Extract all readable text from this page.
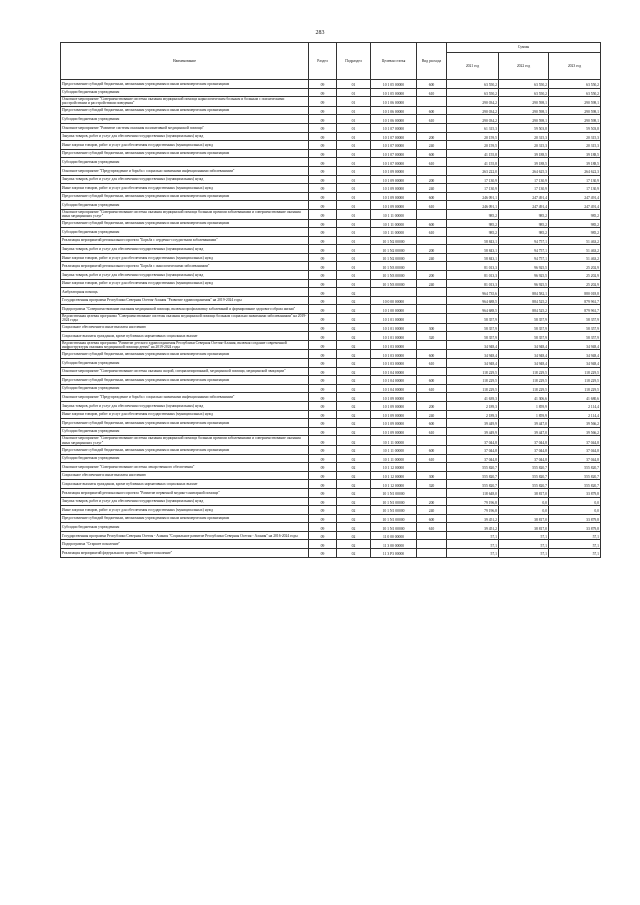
283
Наименование	Раздел	Подраздел	Целевая статья	Вид расхода	Суммы		
					2021 год	2022 год	2023 год
Предоставление субсидий бюджетным, автономным учреждениям и иным некоммерческим организациям	09	01	10 1 05 00000	600	63 550,2	63 550,2	63 550,2
Субсидии бюджетным учреждениям	09	01	10 1 05 00000	610	63 550,2	63 550,2	63 550,2
Основное мероприятие "Совершенствование системы оказания медицинской помощи наркологическим больным и больным с психическими расстройствами и расстройствами поведения"	09	01	10 1 06 00000		290 034,2	290 598,1	290 598,1
Предоставление субсидий бюджетным, автономным учреждениям и иным некоммерческим организациям	09	01	10 1 06 00000	600	290 034,2	290 598,1	290 598,1
Субсидии бюджетным учреждениям	09	01	10 1 06 00000	610	290 034,2	290 598,1	290 598,1
Основное мероприятие "Развитие системы оказания паллиативной медицинской помощи"	09	01	10 1 07 00000		61 315,3	59 503,8	59 503,8
Закупка товаров, работ и услуг для обеспечения государственных (муниципальных) нужд	09	01	10 1 07 00000	200	20 159,5	20 315,3	20 315,3
Иные закупки товаров, работ и услуг для обеспечения государственных (муниципальных) нужд	09	01	10 1 07 00000	240	20 159,5	20 315,3	20 315,3
Предоставление субсидий бюджетным, автономным учреждениям и иным некоммерческим организациям	09	01	10 1 07 00000	600	41 155,8	39 188,5	39 188,5
Субсидии бюджетным учреждениям	09	01	10 1 07 00000	610	41 155,8	39 188,5	39 188,5
Основное мероприятие "Предупреждение и борьба с социально значимыми инфекционными заболеваниями"	09	01	10 1 09 00000		263 222,0	264 625,3	264 622,3
Закупка товаров, работ и услуг для обеспечения государственных (муниципальных) нужд	09	01	10 1 09 00000	200	17 130,9	17 130,9	17 130,9
Иные закупки товаров, работ и услуг для обеспечения государственных (муниципальных) нужд	09	01	10 1 09 00000	240	17 130,9	17 130,9	17 130,9
Предоставление субсидий бюджетным, автономным учреждениям и иным некоммерческим организациям	09	01	10 1 09 00000	600	246 091,1	247 491,4	247 491,4
Субсидии бюджетным учреждениям	09	01	10 1 09 00000	610	246 091,1	247 491,4	247 491,4
Основное мероприятие "Совершенствование системы оказания медицинской помощи больным прочими заболеваниями и совершенствование оказания иных медицинских услуг"	09	01	10 1 11 00000		985,2	985,2	985,2
Предоставление субсидий бюджетным, автономным учреждениям и иным некоммерческим организациям	09	01	10 1 11 00000	600	985,2	985,2	985,2
Субсидии бюджетным учреждениям	09	01	10 1 11 00000	610	985,2	985,2	985,2
Реализация мероприятий регионального проекта "Борьба с сердечно-сосудистыми заболеваниями"	09	01	10 1 N2 00000		58 843,1	94 757,1	51 463,2
Закупка товаров, работ и услуг для обеспечения государственных (муниципальных) нужд	09	01	10 1 N2 00000	200	58 843,1	94 757,1	51 463,2
Иные закупки товаров, работ и услуг для обеспечения государственных (муниципальных) нужд	09	01	10 1 N2 00000	240	58 843,1	94 757,1	51 463,2
Реализация мероприятий регионального проекта "Борьба с онкологическими заболеваниями"	09	01	10 1 N3 00000		81 013,3	96 925,5	25 202,9
Закупка товаров, работ и услуг для обеспечения государственных (муниципальных) нужд	09	01	10 1 N3 00000	200	81 013,3	96 925,5	25 202,9
Иные закупки товаров, работ и услуг для обеспечения государственных (муниципальных) нужд	09	01	10 1 N3 00000	240	81 013,3	96 925,5	25 202,9
Амбулаторная помощь	09	02			964 735,6	884 582,1	880 018,8
Государственная программа Республики Северная Осетия-Алания "Развитие здравоохранения" на 2019-2024 годы	09	02	10 0 00 00000		964 688,5	884 525,2	879 961,7
Подпрограмма "Совершенствование оказания медицинской помощи, включая профилактику заболеваний и формирование здорового образа жизни"	09	02	10 1 00 00000		964 688,5	884 525,2	879 961,7
Ведомственная целевая программа "Совершенствование системы оказания медицинской помощи больным социально значимыми заболеваниями" на 2019-2024 годы	09	02	10 1 01 00000		58 357,9	58 357,9	58 357,9
Социальное обеспечение и иные выплаты населению	09	02	10 1 01 00000	300	58 357,9	58 357,9	58 357,9
Социальные выплаты гражданам, кроме публичных нормативных социальных выплат	09	02	10 1 01 00000	320	58 357,9	58 357,9	58 357,9
Ведомственная целевая программа "Развитие детского здравоохранения Республики Северная Осетия-Алания, включая создание современной инфраструктуры оказания медицинской помощи детям" на 2019-2024 годы	09	02	10 1 03 00000		34 948,4	34 948,4	34 948,4
Предоставление субсидий бюджетным, автономным учреждениям и иным некоммерческим организациям	09	02	10 1 03 00000	600	34 948,4	34 948,4	34 948,4
Субсидии бюджетным учреждениям	09	02	10 1 03 00000	610	34 948,4	34 948,4	34 948,4
Основное мероприятие "Совершенствование системы оказания скорой, специализированной, медицинской помощи, медицинской эвакуации"	09	02	10 1 04 00000		118 229,5	118 229,5	118 229,5
Предоставление субсидий бюджетным, автономным учреждениям и иным некоммерческим организациям	09	02	10 1 04 00000	600	118 229,5	118 229,5	118 229,5
Субсидии бюджетным учреждениям	09	02	10 1 04 00000	610	118 229,5	118 229,5	118 229,5
Основное мероприятие "Предупреждение и борьба с социально значимыми инфекционными заболеваниями"	09	02	10 1 09 00000		41 639,3	41 306,6	41 680,6
Закупка товаров, работ и услуг для обеспечения государственных (муниципальных) нужд	09	02	10 1 09 00000	200	2 189,3	1 859,9	2 114,4
Иные закупки товаров, работ и услуг для обеспечения государственных (муниципальных) нужд	09	02	10 1 09 00000	240	2 189,3	1 859,9	2 114,4
Предоставление субсидий бюджетным, автономным учреждениям и иным некоммерческим организациям	09	02	10 1 09 00000	600	39 449,9	39 447,0	39 566,2
Субсидии бюджетным учреждениям	09	02	10 1 09 00000	610	39 449,9	39 447,0	39 566,2
Основное мероприятие "Совершенствование системы оказания медицинской помощи больным прочими заболеваниями и совершенствование оказания иных медицинских услуг"	09	02	10 1 11 00000		37 044,8	37 044,8	37 044,8
Предоставление субсидий бюджетным, автономным учреждениям и иным некоммерческим организациям	09	02	10 1 11 00000	600	37 044,8	37 044,8	37 044,8
Субсидии бюджетным учреждениям	09	02	10 1 11 00000	610	37 044,8	37 044,8	37 044,8
Основное мероприятие "Совершенствование системы лекарственного обеспечения"	09	02	10 1 12 00000		555 820,7	555 820,7	555 820,7
Социальное обеспечение и иные выплаты населению	09	02	10 1 12 00000	300	555 820,7	555 820,7	555 820,7
Социальные выплаты гражданам, кроме публичных нормативных социальных выплат	09	02	10 1 12 00000	320	555 820,7	555 820,7	555 820,7
Реализация мероприятий регионального проекта "Развитие первичной медико-санитарной помощи"	09	02	10 1 N1 00000		118 648,0	38 817,0	33 879,8
Закупка товаров, работ и услуг для обеспечения государственных (муниципальных) нужд	09	02	10 1 N1 00000	200	79 196,8	0,0	0,0
Иные закупки товаров, работ и услуг для обеспечения государственных (муниципальных) нужд	09	02	10 1 N1 00000	240	79 196,8	0,0	0,0
Предоставление субсидий бюджетным, автономным учреждениям и иным некоммерческим организациям	09	02	10 1 N1 00000	600	39 451,2	38 817,0	33 879,8
Субсидии бюджетным учреждениям	09	02	10 1 N1 00000	610	39 451,2	38 817,0	33 879,8
Государственная программа Республики Северная Осетия - Алания "Социальное развитие Республики Северная Осетия - Алания" на 2016-2024 годы	09	02	11 0 00 00000		57,1	57,1	57,1
Подпрограмма "Старшее поколение"	09	02	11 3 00 00000		57,1	57,1	57,1
Реализация мероприятий федерального проекта "Старшее поколение"	09	02	11 3 P3 00000		57,1	57,1	57,1
